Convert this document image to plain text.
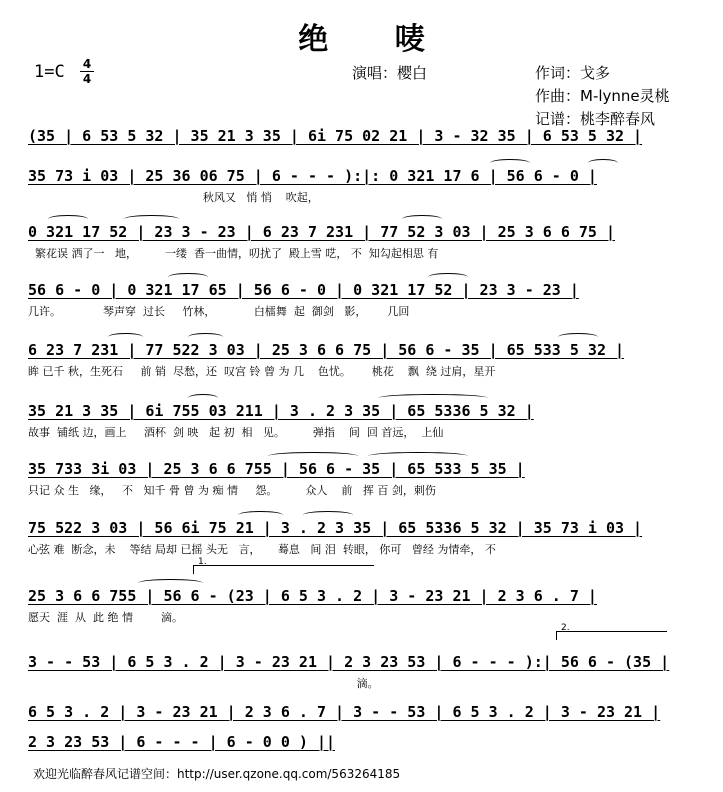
绝 唛
1=C 4
4	演唱：樱白	作词：戈多
作曲：M-lynne灵桃
记谱：桃李醉春风
(35 | 6 53 5 32 | 35 21 3 35 | 6i 75 02 21 | 3 - 32 35 | 6 53 5 32 |
35 73 i 03 | 25 36 06 75 | 6 - - - ):|: 0 321 17 6 | 56 6 - 0 |
秋风又   悄 悄    吹起，
0 321 17 52 | 23 3 - 23 | 6 23 7 231 | 77 52 3 03 | 25 3 6 6 75 |
繁花误 洒了一   地，        一缕  香一曲情，叨扰了  殿上雪 呓， 不  知勾起相思 有
56 6 - 0 | 0 321 17 65 | 56 6 - 0 | 0 321 17 52 | 23 3 - 23 |
几许。            琴声穿  过长     竹林，           白檑舞  起  御剑   影，      几回
6 23 7 231 | 77 522 3 03 | 25 3 6 6 75 | 56 6 - 35 | 65 533 5 32 |
眸 已千 秋，生死石     前 销  尽愁，还  叹宫 铃 曾 为 几    色忧。      桃花    飘  绕 过肩，星开
35 21 3 35 | 6i 755 03 211 | 3 . 2 3 35 | 65 5336 5 32 |
故事  铺纸 边，画上     酒杯  剑 映   起 初  相   见。        弹指    间  回 首远，  上仙
35 733 3i 03 | 25 3 6 6 755 | 56 6 - 35 | 65 533 5 35 |
只记 众 生   缘，   不   知千 骨 曾 为 痴 情     怨。        众人    前   挥 百 剑，刺伤
75 522 3 03 | 56 6i 75 21 | 3 . 2 3 35 | 65 5336 5 32 | 35 73 i 03 |
心弦 难  断念，未    等结 局却 已摇 头无   言，     蓦息   间 泪  转眼， 你可   曾经 为情牵， 不
1.
25 3 6 6 755 | 56 6 - (23 | 6 5 3 . 2 | 3 - 23 21 | 2 3 6 . 7 |
愿天  涯  从  此 绝 情        滴。
2.
3 - - 53 | 6 5 3 . 2 | 3 - 23 21 | 2 3 23 53 | 6 - - - ):| 56 6 - (35 |
滴。
6 5 3 . 2 | 3 - 23 21 | 2 3 6 . 7 | 3 - - 53 | 6 5 3 . 2 | 3 - 23 21 |
2 3 23 53 | 6 - - - | 6 - 0 0 ) ||
欢迎光临醉春风记谱空间：http://user.qzone.qq.com/563264185
